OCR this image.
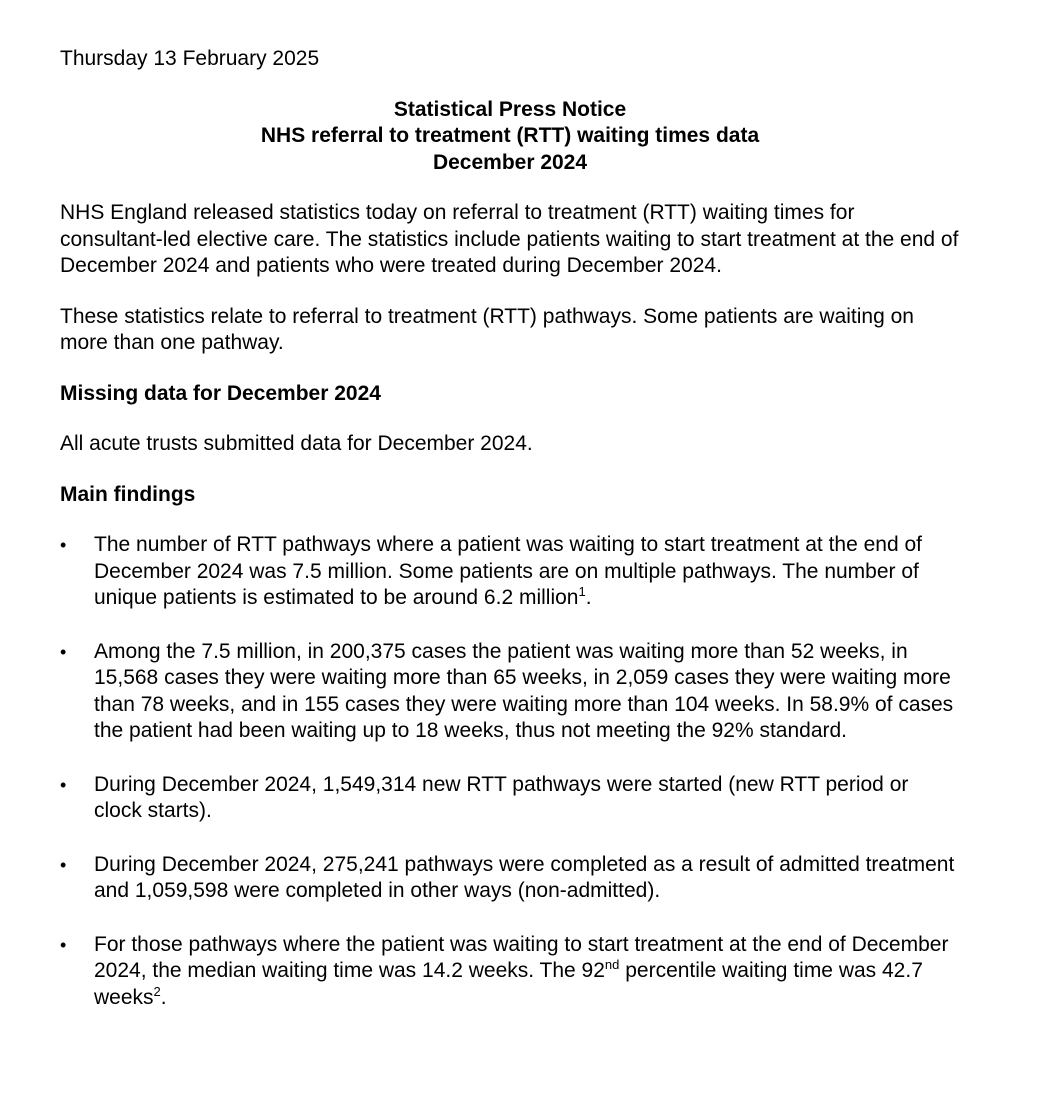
Thursday 13 February 2025
Statistical Press Notice
NHS referral to treatment (RTT) waiting times data
December 2024

NHS England released statistics today on referral to treatment (RTT) waiting times for consultant-led elective care. The statistics include patients waiting to start treatment at the end of December 2024 and patients who were treated during December 2024.

These statistics relate to referral to treatment (RTT) pathways. Some patients are waiting on more than one pathway.

Missing data for December 2024

All acute trusts submitted data for December 2024.

Main findings
•	The number of RTT pathways where a patient was waiting to start treatment at the end of December 2024 was 7.5 million. Some patients are on multiple pathways. The number of unique patients is estimated to be around 6.2 million$^1$.
•	Among the 7.5 million, in 200,375 cases the patient was waiting more than 52 weeks, in 15,568 cases they were waiting more than 65 weeks, in 2,059 cases they were waiting more than 78 weeks, and in 155 cases they were waiting more than 104 weeks. In 58.9% of cases the patient had been waiting up to 18 weeks, thus not meeting the 92% standard.
•	During December 2024, 1,549,314 new RTT pathways were started (new RTT period or clock starts).
•	During December 2024, 275,241 pathways were completed as a result of admitted treatment and 1,059,598 were completed in other ways (non-admitted).
•	For those pathways where the patient was waiting to start treatment at the end of December 2024, the median waiting time was 14.2 weeks. The 92nd percentile waiting time was 42.7 weeks$^2$.
